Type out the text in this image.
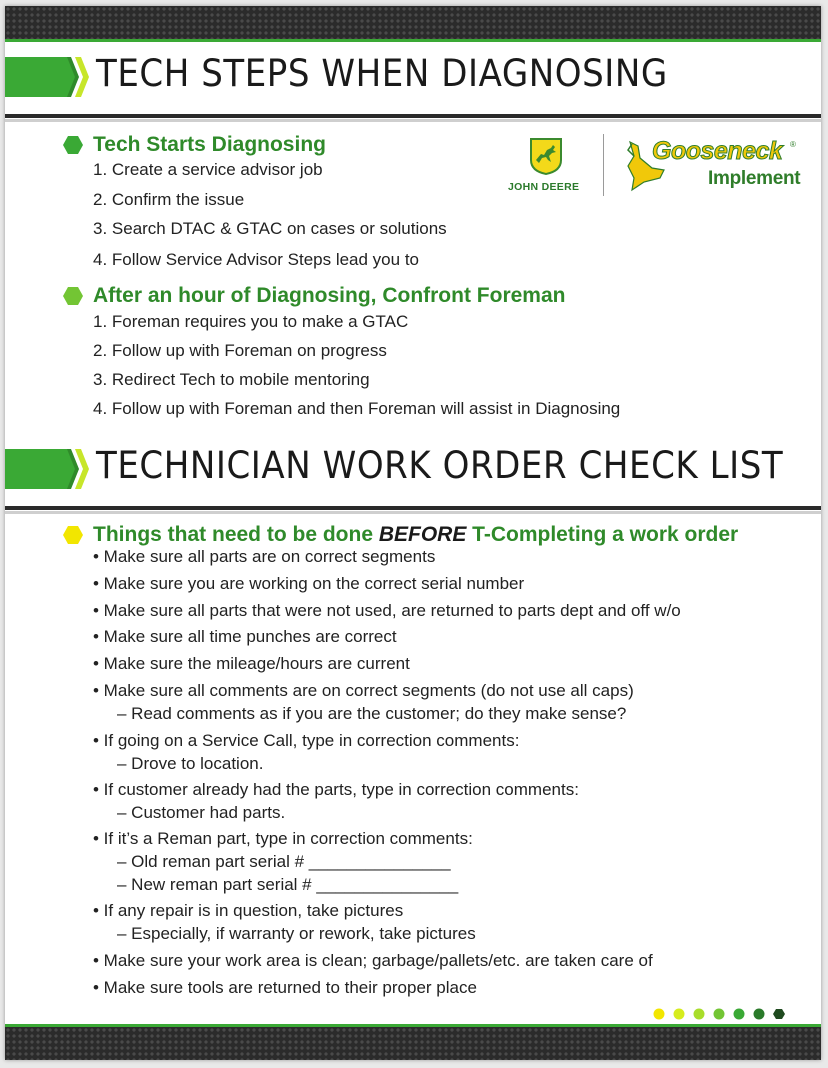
TECH STEPS WHEN DIAGNOSING
Tech Starts Diagnosing
1. Create a service advisor job
2. Confirm the issue
3. Search DTAC & GTAC on cases or solutions
4. Follow Service Advisor Steps lead you to
JOHN DEERE
Gooseneck ®
Implement
After an hour of Diagnosing, Confront Foreman
1. Foreman requires you to make a GTAC
2. Follow up with Foreman on progress
3. Redirect Tech to mobile mentoring
4. Follow up with Foreman and then Foreman will assist in Diagnosing
TECHNICIAN WORK ORDER CHECK LIST
Things that need to be done BEFORE T-Completing a work order
• Make sure all parts are on correct segments
• Make sure you are working on the correct serial number
• Make sure all parts that were not used, are returned to parts dept and off w/o
• Make sure all time punches are correct
• Make sure the mileage/hours are current
• Make sure all comments are on correct segments (do not use all caps)
– Read comments as if you are the customer; do they make sense?
• If going on a Service Call, type in correction comments:
– Drove to location.
• If customer already had the parts, type in correction comments:
– Customer had parts.
• If it’s a Reman part, type in correction comments:
– Old reman part serial # _______________
– New reman part serial # _______________
• If any repair is in question, take pictures
– Especially, if warranty or rework, take pictures
• Make sure your work area is clean; garbage/pallets/etc. are taken care of
• Make sure tools are returned to their proper place
